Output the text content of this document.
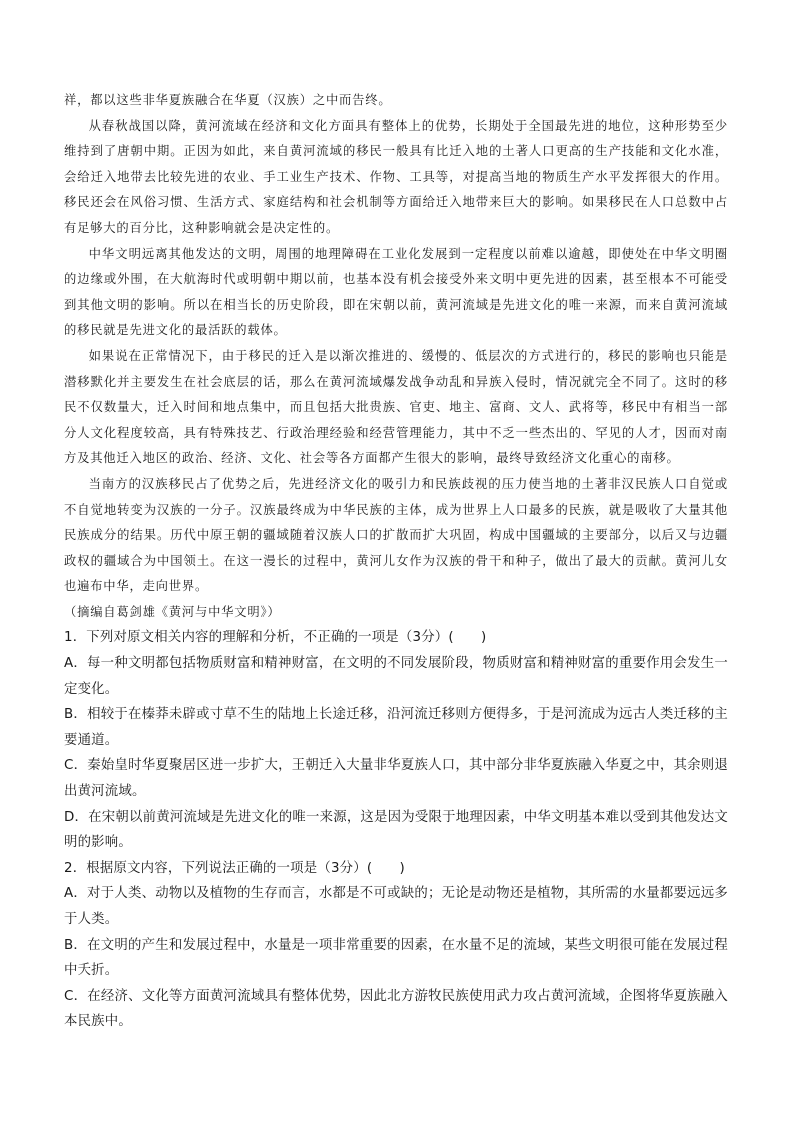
祥，都以这些非华夏族融合在华夏（汉族）之中而告终。

从春秋战国以降，黄河流域在经济和文化方面具有整体上的优势，长期处于全国最先进的地位，这种形势至少维持到了唐朝中期。正因为如此，来自黄河流域的移民一般具有比迁入地的土著人口更高的生产技能和文化水准，会给迁入地带去比较先进的农业、手工业生产技术、作物、工具等，对提高当地的物质生产水平发挥很大的作用。移民还会在风俗习惯、生活方式、家庭结构和社会机制等方面给迁入地带来巨大的影响。如果移民在人口总数中占有足够大的百分比，这种影响就会是决定性的。

中华文明远离其他发达的文明，周围的地理障碍在工业化发展到一定程度以前难以逾越，即使处在中华文明圈的边缘或外围，在大航海时代或明朝中期以前，也基本没有机会接受外来文明中更先进的因素，甚至根本不可能受到其他文明的影响。所以在相当长的历史阶段，即在宋朝以前，黄河流域是先进文化的唯一来源，而来自黄河流域的移民就是先进文化的最活跃的载体。

如果说在正常情况下，由于移民的迁入是以渐次推进的、缓慢的、低层次的方式进行的，移民的影响也只能是潜移默化并主要发生在社会底层的话，那么在黄河流域爆发战争动乱和异族入侵时，情况就完全不同了。这时的移民不仅数量大，迁入时间和地点集中，而且包括大批贵族、官吏、地主、富商、文人、武将等，移民中有相当一部分人文化程度较高，具有特殊技艺、行政治理经验和经营管理能力，其中不乏一些杰出的、罕见的人才，因而对南方及其他迁入地区的政治、经济、文化、社会等各方面都产生很大的影响，最终导致经济文化重心的南移。

当南方的汉族移民占了优势之后，先进经济文化的吸引力和民族歧视的压力使当地的土著非汉民族人口自觉或不自觉地转变为汉族的一分子。汉族最终成为中华民族的主体，成为世界上人口最多的民族，就是吸收了大量其他民族成分的结果。历代中原王朝的疆域随着汉族人口的扩散而扩大巩固，构成中国疆域的主要部分，以后又与边疆政权的疆域合为中国领土。在这一漫长的过程中，黄河儿女作为汉族的骨干和种子，做出了最大的贡献。黄河儿女也遍布中华，走向世界。

（摘编自葛剑雄《黄河与中华文明》）

1．下列对原文相关内容的理解和分析，不正确的一项是（3分）(　　)

A．每一种文明都包括物质财富和精神财富，在文明的不同发展阶段，物质财富和精神财富的重要作用会发生一定变化。

B．相较于在榛莽未辟或寸草不生的陆地上长途迁移，沿河流迁移则方便得多，于是河流成为远古人类迁移的主要通道。

C．秦始皇时华夏聚居区进一步扩大，王朝迁入大量非华夏族人口，其中部分非华夏族融入华夏之中，其余则退出黄河流域。

D．在宋朝以前黄河流域是先进文化的唯一来源，这是因为受限于地理因素，中华文明基本难以受到其他发达文明的影响。

2．根据原文内容，下列说法正确的一项是（3分）(　　)

A．对于人类、动物以及植物的生存而言，水都是不可或缺的；无论是动物还是植物，其所需的水量都要远远多于人类。

B．在文明的产生和发展过程中，水量是一项非常重要的因素，在水量不足的流域，某些文明很可能在发展过程中夭折。

C．在经济、文化等方面黄河流域具有整体优势，因此北方游牧民族使用武力攻占黄河流域，企图将华夏族融入本民族中。
